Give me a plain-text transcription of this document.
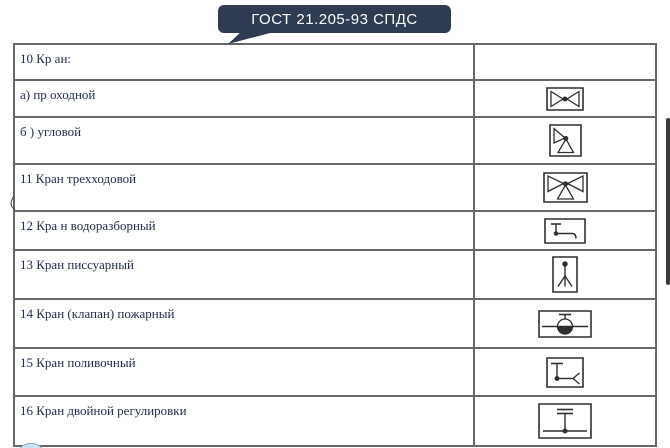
ГОСТ 21.205-93 СПДС
10 Кр ан:
а) пр оходной
б ) угловой
11 Кран трехходовой
12 Кра н водоразборный
13 Кран писсуарный
14 Кран (клапан) пожарный
15 Кран поливочный
16 Кран двойной регулировки
